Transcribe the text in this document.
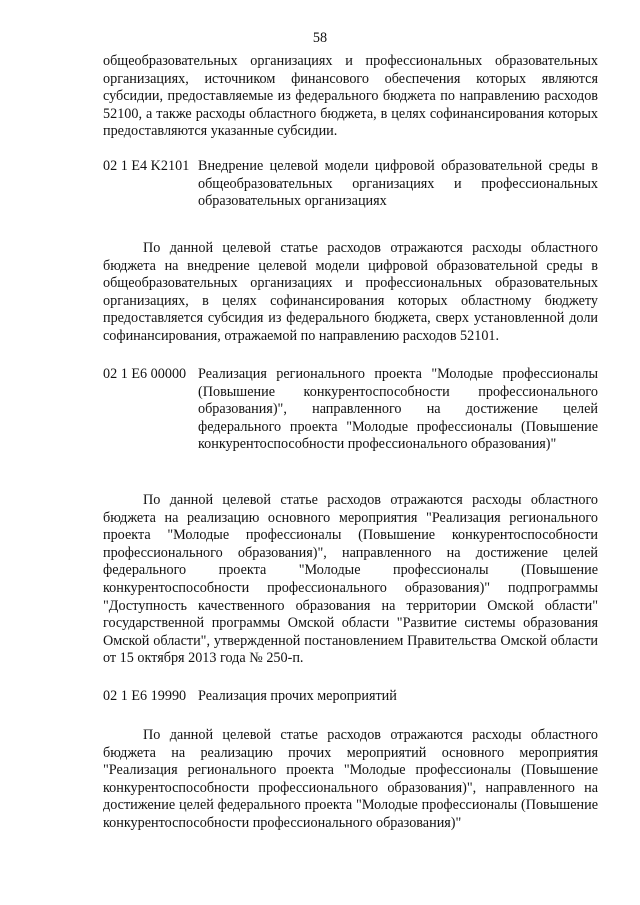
58

общеобразовательных организациях и профессиональных образовательных организациях, источником финансового обеспечения которых являются субсидии, предоставляемые из федерального бюджета по направлению расходов 52100, а также расходы областного бюджета, в целях софинансирования которых предоставляются указанные субсидии.

02 1 E4 K2101 Внедрение целевой модели цифровой образовательной среды в общеобразовательных организациях и профессиональных образовательных организациях

По данной целевой статье расходов отражаются расходы областного бюджета на внедрение целевой модели цифровой образовательной среды в общеобразовательных организациях и профессиональных образовательных организациях, в целях софинансирования которых областному бюджету предоставляется субсидия из федерального бюджета, сверх установленной доли софинансирования, отражаемой по направлению расходов 52101.

02 1 E6 00000 Реализация регионального проекта "Молодые профессионалы (Повышение конкурентоспособности профессионального образования)", направленного на достижение целей федерального проекта "Молодые профессионалы (Повышение конкурентоспособности профессионального образования)"

По данной целевой статье расходов отражаются расходы областного бюджета на реализацию основного мероприятия "Реализация регионального проекта "Молодые профессионалы (Повышение конкурентоспособности профессионального образования)", направленного на достижение целей федерального проекта "Молодые профессионалы (Повышение конкурентоспособности профессионального образования)" подпрограммы "Доступность качественного образования на территории Омской области" государственной программы Омской области "Развитие системы образования Омской области", утвержденной постановлением Правительства Омской области от 15 октября 2013 года № 250-п.

02 1 E6 19990 Реализация прочих мероприятий

По данной целевой статье расходов отражаются расходы областного бюджета на реализацию прочих мероприятий основного мероприятия "Реализация регионального проекта "Молодые профессионалы (Повышение конкурентоспособности профессионального образования)", направленного на достижение целей федерального проекта "Молодые профессионалы (Повышение конкурентоспособности профессионального образования)"
